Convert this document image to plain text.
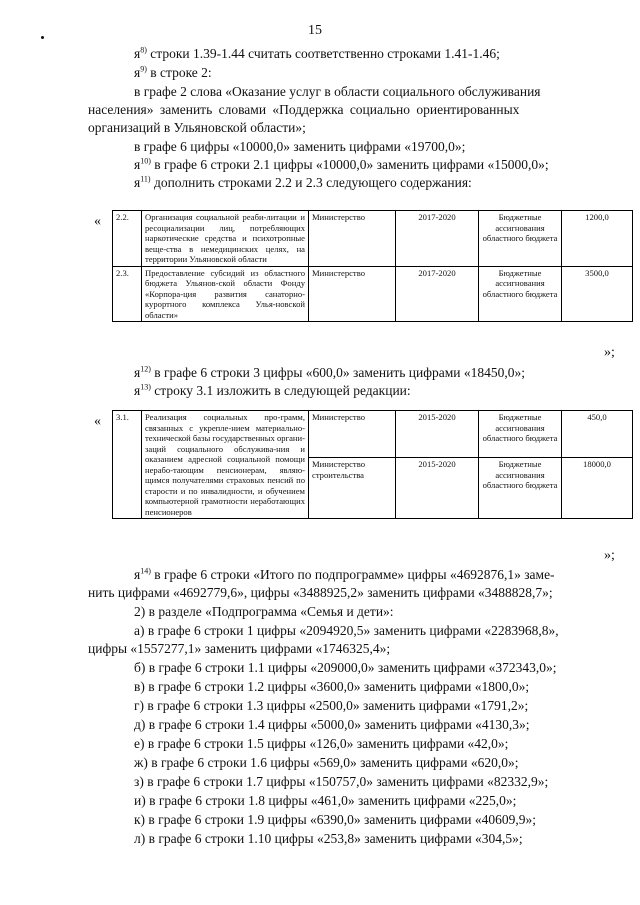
15
$я^{8)}$ строки 1.39-1.44 считать соответственно строками 1.41-1.46;
$я^{9)}$ в строке 2:
в графе 2 слова «Оказание услуг в области социального обслуживания
населения» заменить словами «Поддержка социально ориентированных
организаций в Ульяновской области»;
в графе 6 цифры «10000,0» заменить цифрами «19700,0»;
$я^{10)}$ в графе 6 строки 2.1 цифры «10000,0» заменить цифрами «15000,0»;
$я^{11)}$ дополнить строками 2.2 и 2.3 следующего содержания:
« 2.2.	Организация социальной реаби-литации и ресоциализации лиц, потребляющих наркотические средства и психотропные веще-ства в немедицинских целях, на территории Ульяновской области	Министерство	2017-2020	Бюджетные ассигнования областного бюджета	1200,0
2.3.	Предоставление субсидий из областного бюджета Ульянов-ской области Фонду «Корпора-ция развития санаторно-курортного комплекса Улья-новской области»	Министерство	2017-2020	Бюджетные ассигнования областного бюджета	3500,0
»;
$я^{12)}$ в графе 6 строки 3 цифры «600,0» заменить цифрами «18450,0»;
$я^{13)}$ строку 3.1 изложить в следующей редакции:
« 3.1.	Реализация социальных про-грамм, связанных с укрепле-нием материально-технической базы государственных органи-заций социального обслужива-ния и оказанием адресной социальной помощи нерабо-тающим пенсионерам, являю-щимся получателями страховых пенсий по старости и по инвалидности, и обучением компьютерной грамотности неработающих пенсионеров	Министерство	2015-2020	Бюджетные ассигнования областного бюджета	450,0
		Министерство строительства	2015-2020	Бюджетные ассигнования областного бюджета	18000,0
»;
$я^{14)}$ в графе 6 строки «Итого по подпрограмме» цифры «4692876,1» заме-
нить цифрами «4692779,6», цифры «3488925,2» заменить цифрами «3488828,7»;
2) в разделе «Подпрограмма «Семья и дети»:
а) в графе 6 строки 1 цифры «2094920,5» заменить цифрами «2283968,8»,
цифры «1557277,1» заменить цифрами «1746325,4»;
б) в графе 6 строки 1.1 цифры «209000,0» заменить цифрами «372343,0»;
в) в графе 6 строки 1.2 цифры «3600,0» заменить цифрами «1800,0»;
г) в графе 6 строки 1.3 цифры «2500,0» заменить цифрами «1791,2»;
д) в графе 6 строки 1.4 цифры «5000,0» заменить цифрами «4130,3»;
е) в графе 6 строки 1.5 цифры «126,0» заменить цифрами «42,0»;
ж) в графе 6 строки 1.6 цифры «569,0» заменить цифрами «620,0»;
з) в графе 6 строки 1.7 цифры «150757,0» заменить цифрами «82332,9»;
и) в графе 6 строки 1.8 цифры «461,0» заменить цифрами «225,0»;
к) в графе 6 строки 1.9 цифры «6390,0» заменить цифрами «40609,9»;
л) в графе 6 строки 1.10 цифры «253,8» заменить цифрами «304,5»;
